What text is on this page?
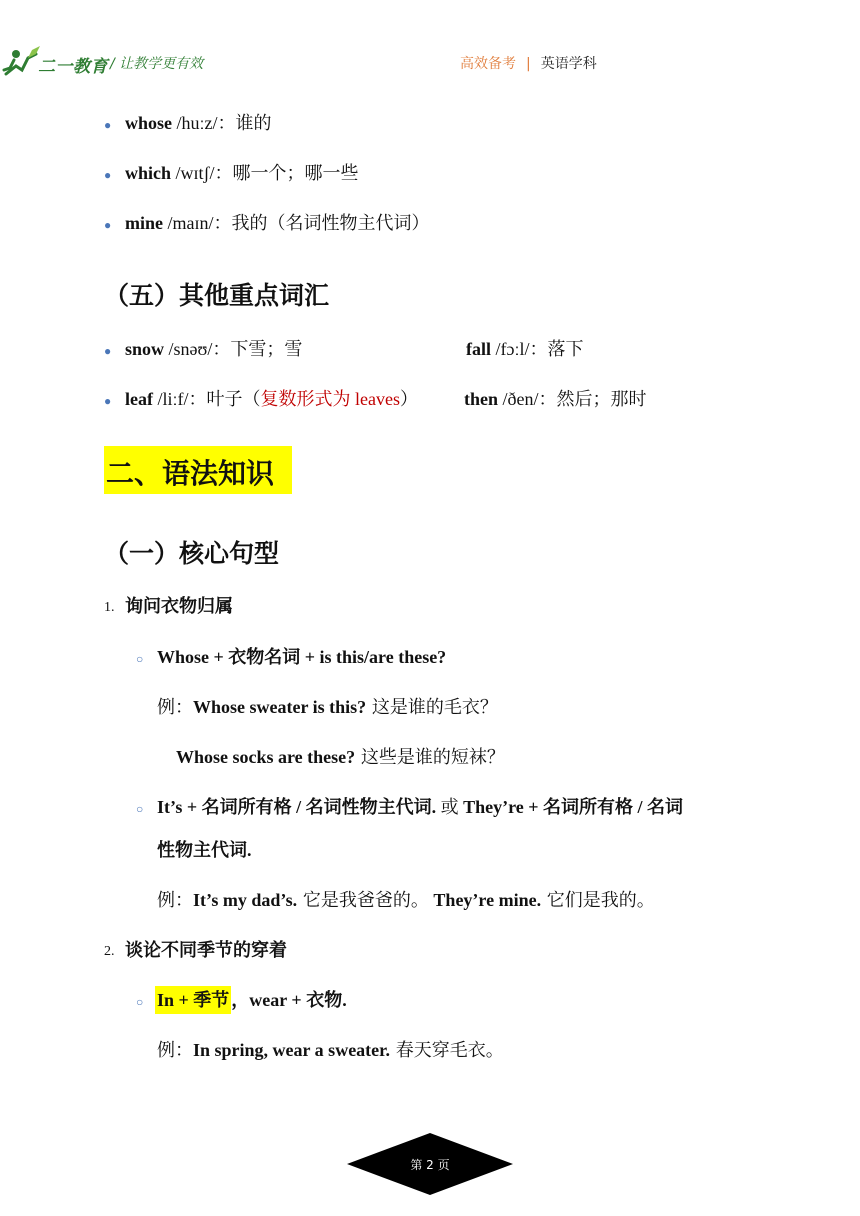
二一教育 / 让教学更有效	高效备考 | 英语学科
● whose /huːz/：谁的
● which /wɪtʃ/：哪一个；哪一些
● mine /maɪn/：我的（名词性物主代词）
（五）其他重点词汇
● snow /snəʊ/：下雪；雪	fall /fɔːl/：落下
● leaf /liːf/：叶子（复数形式为 leaves）	then /ðen/：然后；那时
二、语法知识
（一）核心句型
1. 询问衣物归属
○ Whose + 衣物名词 + is this/are these?
例：Whose sweater is this? 这是谁的毛衣？
Whose socks are these? 这些是谁的短袜？
○ It’s + 名词所有格 / 名词性物主代词. 或 They’re + 名词所有格 / 名词
性物主代词.
例：It’s my dad’s. 它是我爸爸的。 They’re mine. 它们是我的。
2. 谈论不同季节的穿着
○ In + 季节 ，wear + 衣物.
例：In spring, wear a sweater. 春天穿毛衣。
第 2 页
